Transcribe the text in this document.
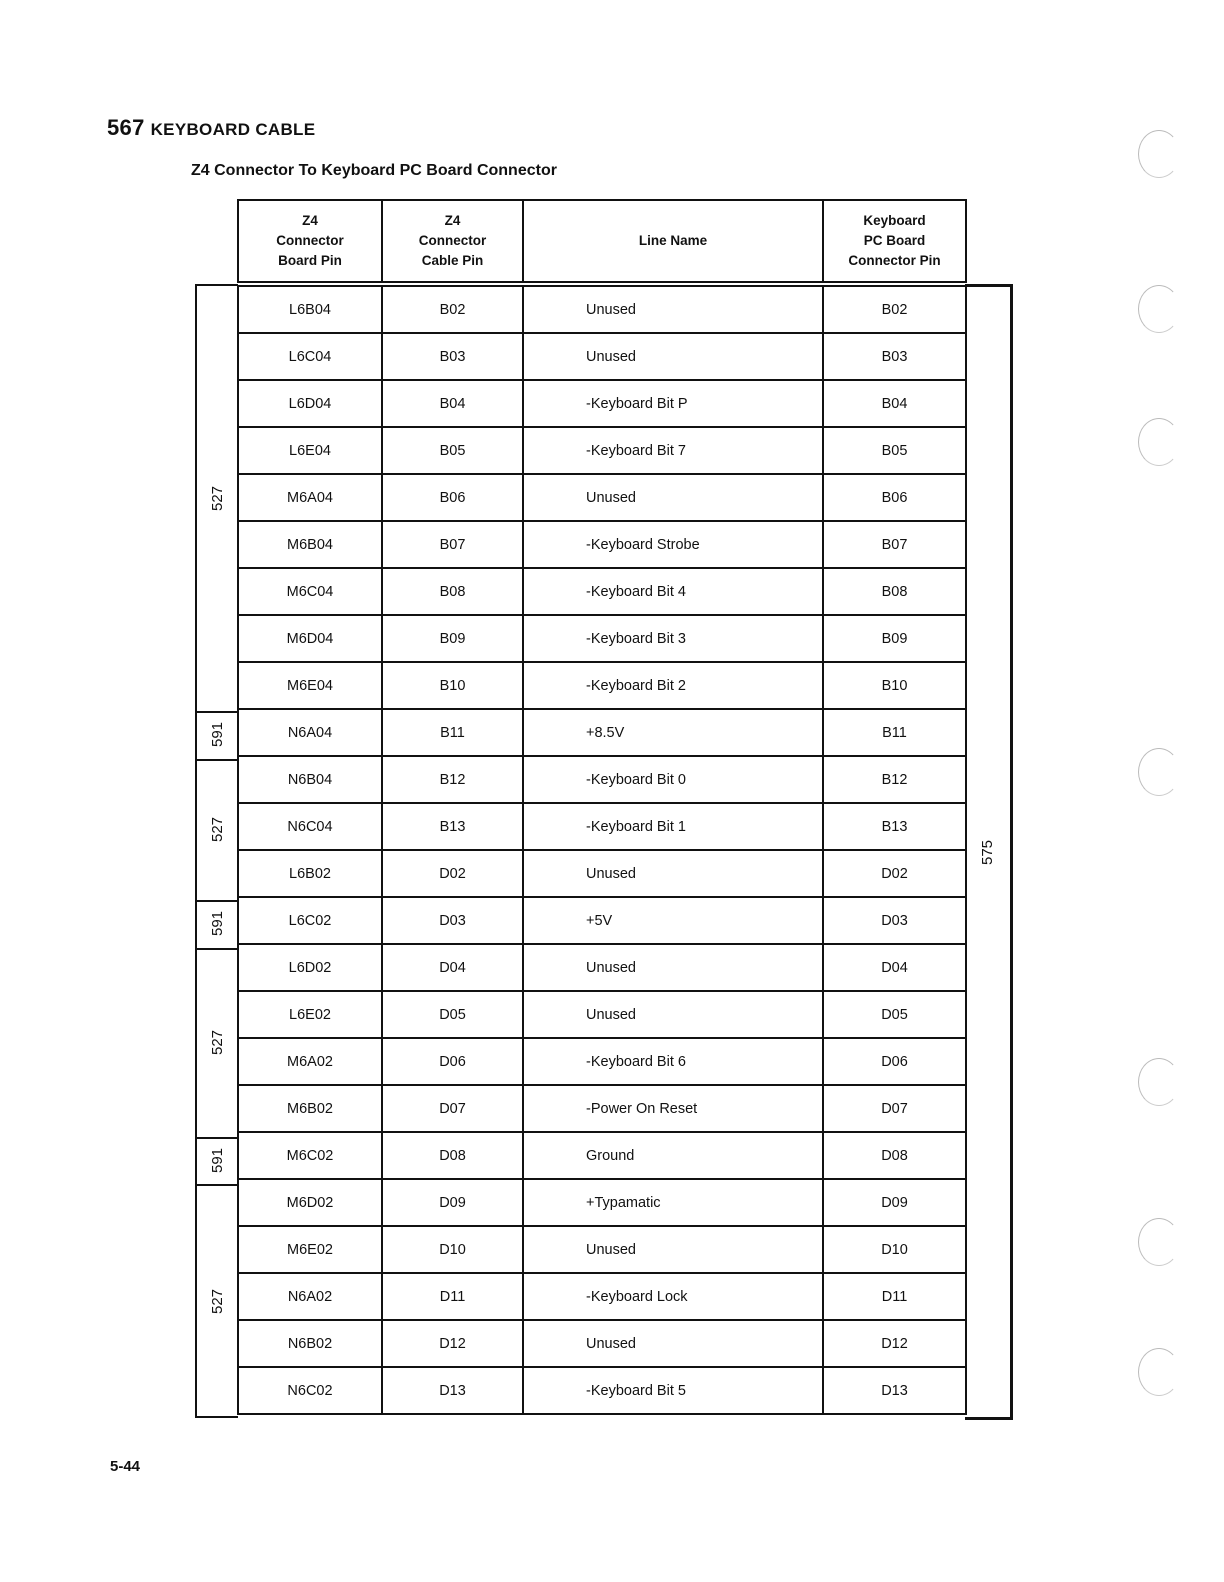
567 KEYBOARD CABLE
Z4 Connector To Keyboard PC Board Connector
Z4
Connector
Board Pin	Z4
Connector
Cable Pin	Line Name	Keyboard
PC Board
Connector Pin

L6B04	B02	Unused	B02
L6C04	B03	Unused	B03
L6D04	B04	-Keyboard Bit P	B04
L6E04	B05	-Keyboard Bit 7	B05
M6A04	B06	Unused	B06
M6B04	B07	-Keyboard Strobe	B07
M6C04	B08	-Keyboard Bit 4	B08
M6D04	B09	-Keyboard Bit 3	B09
M6E04	B10	-Keyboard Bit 2	B10
N6A04	B11	+8.5V	B11
N6B04	B12	-Keyboard Bit 0	B12
N6C04	B13	-Keyboard Bit 1	B13
L6B02	D02	Unused	D02
L6C02	D03	+5V	D03
L6D02	D04	Unused	D04
L6E02	D05	Unused	D05
M6A02	D06	-Keyboard Bit 6	D06
M6B02	D07	-Power On Reset	D07
M6C02	D08	Ground	D08
M6D02	D09	+Typamatic	D09
M6E02	D10	Unused	D10
N6A02	D11	-Keyboard Lock	D11
N6B02	D12	Unused	D12
N6C02	D13	-Keyboard Bit 5	D13
527
591
527
591
527
591
527
575
5-44
